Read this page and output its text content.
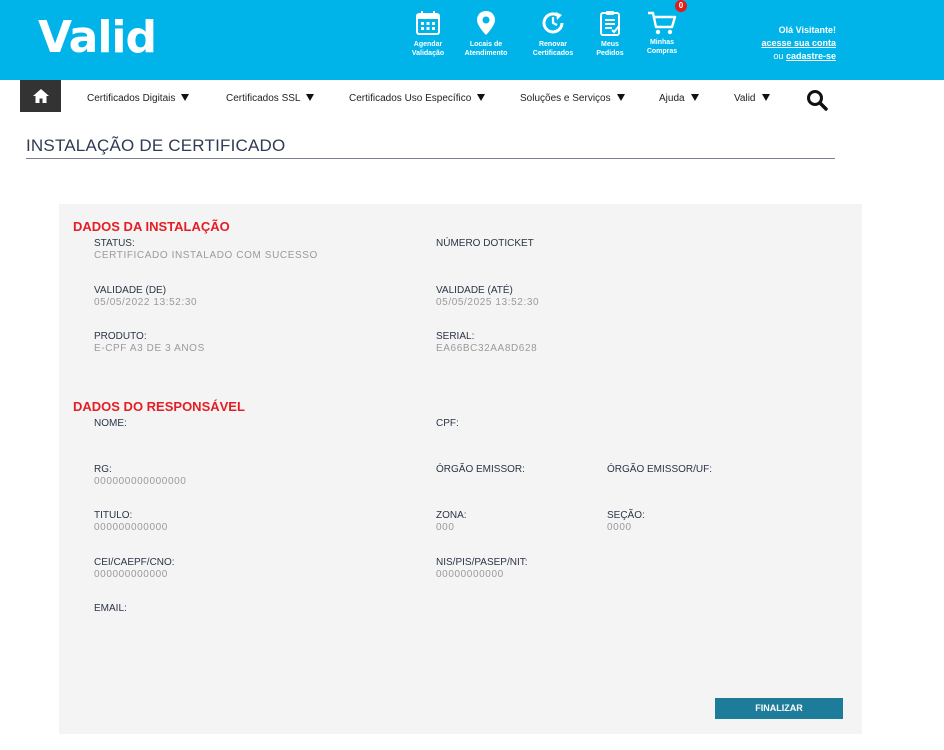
Valid	Agendar
Validação
Locais de
Atendimento
Renovar
Certificados
Meus
Pedidos
0
Minhas
Compras
Olá Visitante!
acesse sua conta
ou cadastre-se
Certificados Digitais	Certificados SSL	Certificados Uso Específico	Soluções e Serviços	Ajuda	Valid
INSTALAÇÃO DE CERTIFICADO
DADOS DA INSTALAÇÃO
STATUS:
CERTIFICADO INSTALADO COM SUCESSO
NÚMERO DOTICKET
VALIDADE (DE)
05/05/2022 13:52:30
VALIDADE (ATÉ)
05/05/2025 13:52:30
PRODUTO:
E-CPF A3 DE 3 ANOS
SERIAL:
EA66BC32AA8D628
DADOS DO RESPONSÁVEL
NOME:	CPF:
RG:
000000000000000
ÓRGÃO EMISSOR:	ÓRGÃO EMISSOR/UF:
TITULO:
000000000000
ZONA:
000
SEÇÃO:
0000
CEI/CAEPF/CNO:
000000000000
NIS/PIS/PASEP/NIT:
00000000000
EMAIL:
FINALIZAR
